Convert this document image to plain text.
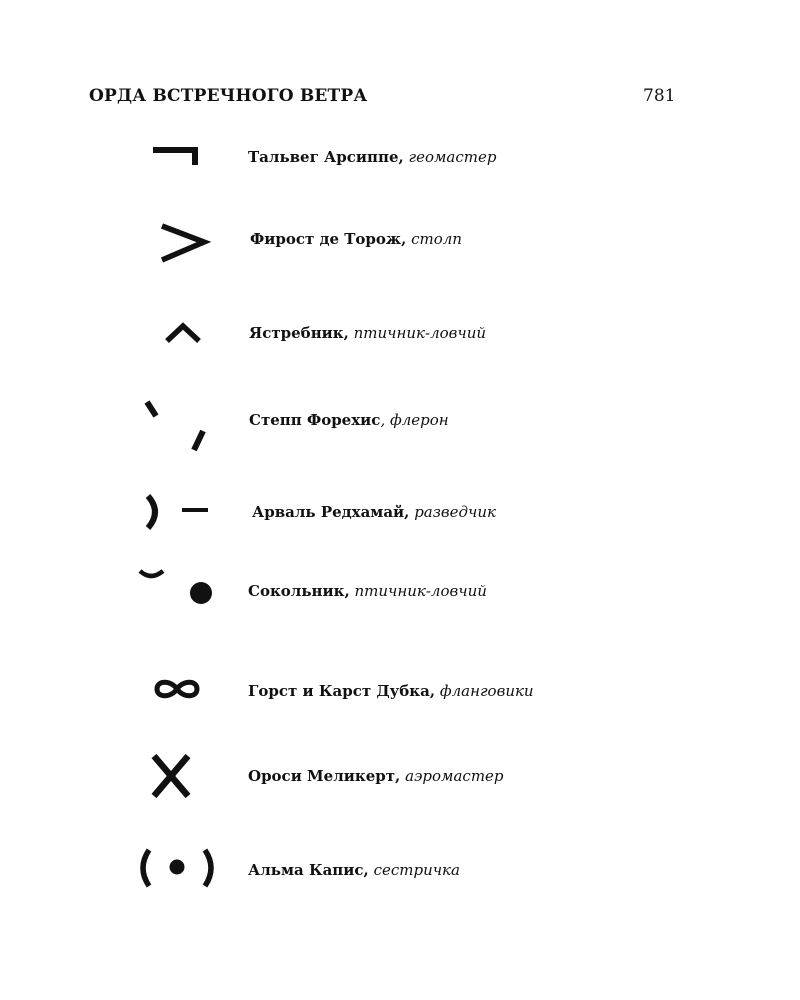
ОРДА ВСТРЕЧНОГО ВЕТРА	781
Тальвег Арсиппе, геомастер
Фирост де Торож, столп
Ястребник, птичник-ловчий
Степп Форехис, флерон
Арваль Редхамай, разведчик
Сокольник, птичник-ловчий
Горст и Карст Дубка, фланговики
Ороси Меликерт, аэромастер
Альма Капис, сестричка
